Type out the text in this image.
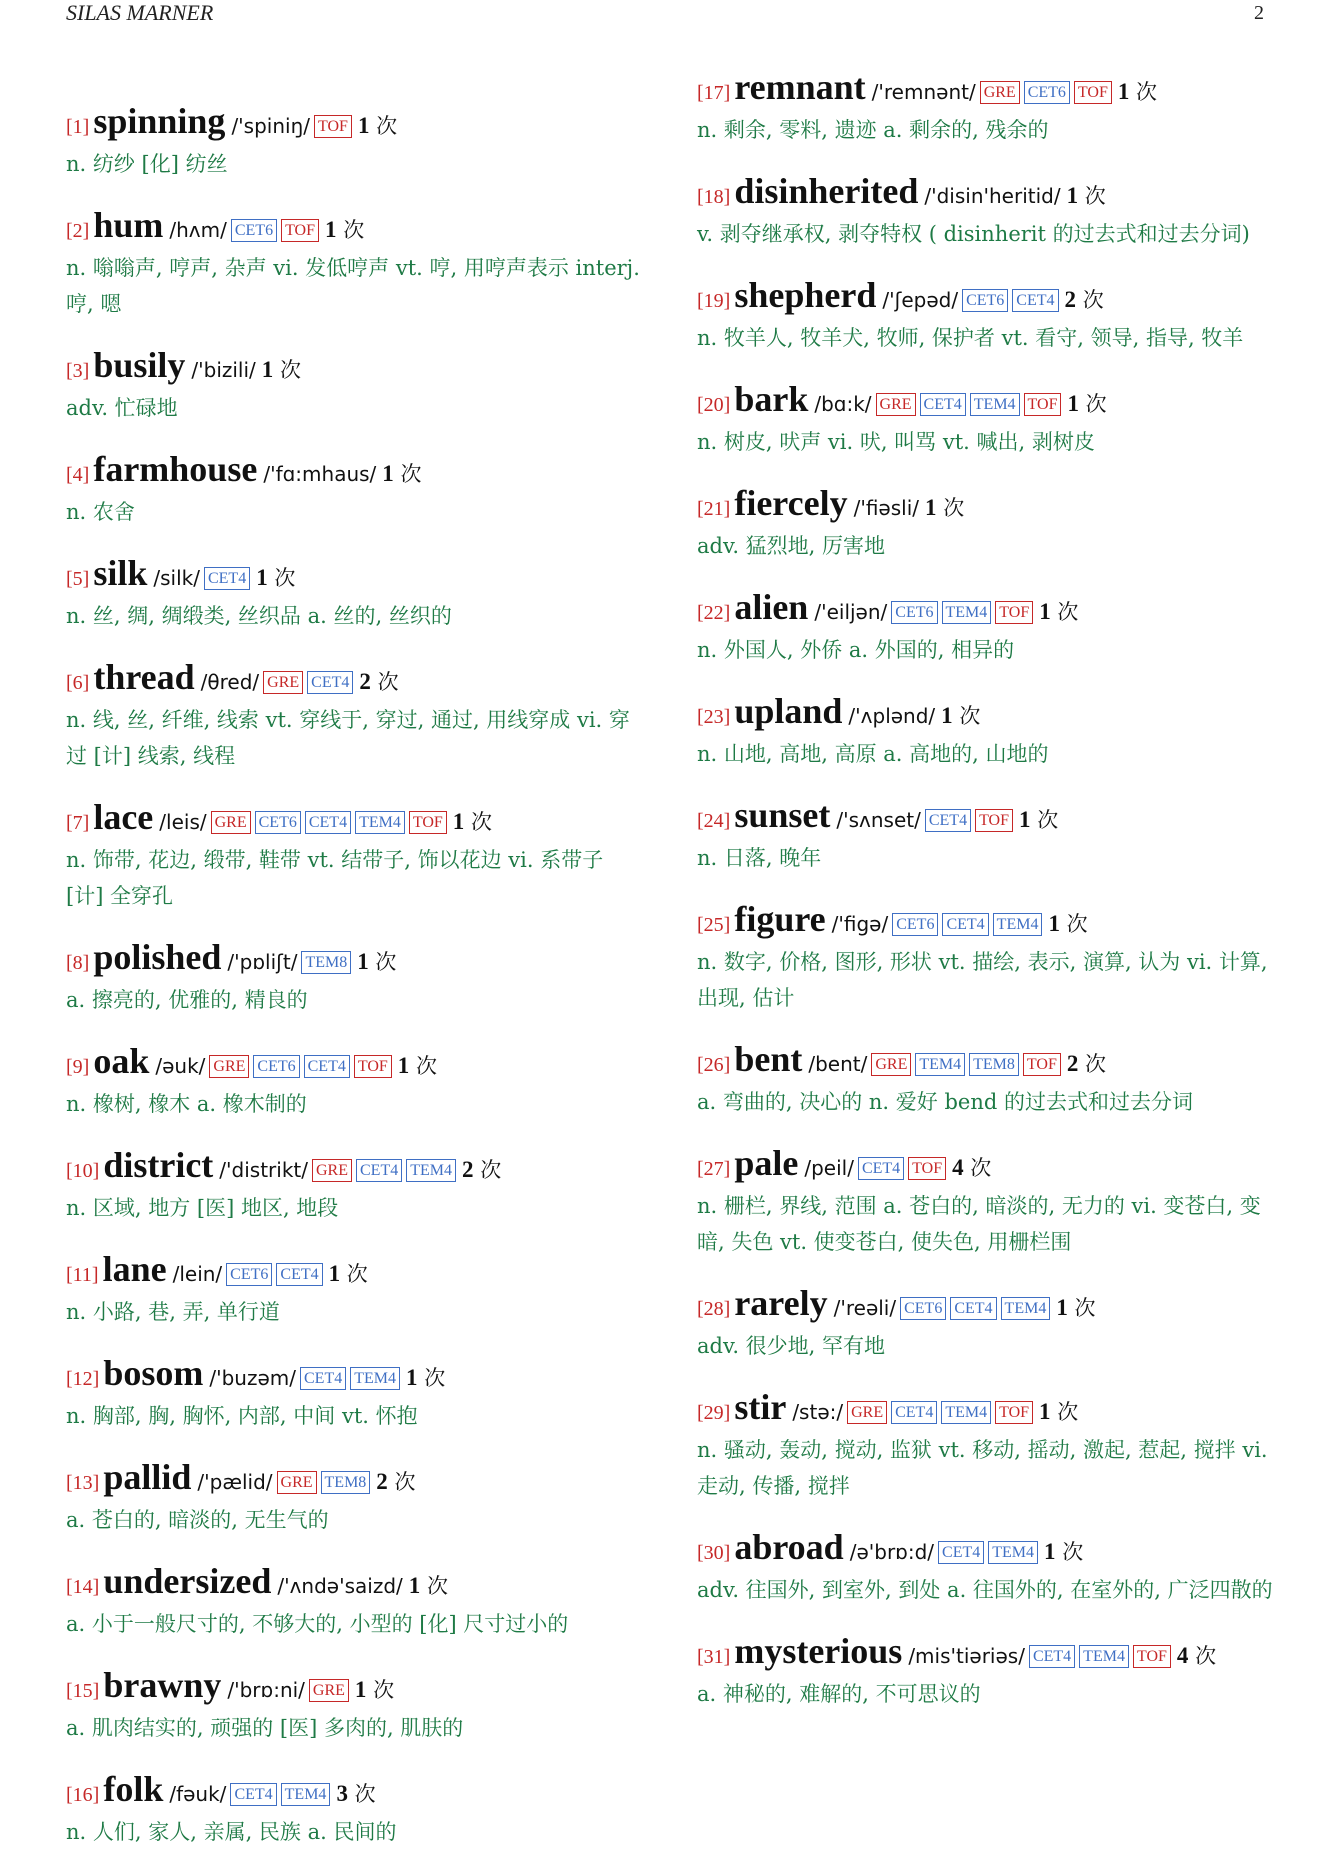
SILAS MARNER	2
[1] spinning /'spiniŋ/ TOF 1 次
n. 纺纱 [化] 纺丝
[2] hum /hʌm/ CET6 TOF 1 次
n. 嗡嗡声, 哼声, 杂声 vi. 发低哼声 vt. 哼, 用哼声表示 interj. 哼, 嗯
[3] busily /'bizili/ 1 次
adv. 忙碌地
[4] farmhouse /'fɑ:mhaus/ 1 次
n. 农舍
[5] silk /silk/ CET4 1 次
n. 丝, 绸, 绸缎类, 丝织品 a. 丝的, 丝织的
[6] thread /θred/ GRE CET4 2 次
n. 线, 丝, 纤维, 线索 vt. 穿线于, 穿过, 通过, 用线穿成 vi. 穿过 [计] 线索, 线程
[7] lace /leis/ GRE CET6 CET4 TEM4 TOF 1 次
n. 饰带, 花边, 缎带, 鞋带 vt. 结带子, 饰以花边 vi. 系带子 [计] 全穿孔
[8] polished /'pɒliʃt/ TEM8 1 次
a. 擦亮的, 优雅的, 精良的
[9] oak /əuk/ GRE CET6 CET4 TOF 1 次
n. 橡树, 橡木 a. 橡木制的
[10] district /'distrikt/ GRE CET4 TEM4 2 次
n. 区域, 地方 [医] 地区, 地段
[11] lane /lein/ CET6 CET4 1 次
n. 小路, 巷, 弄, 单行道
[12] bosom /'buzəm/ CET4 TEM4 1 次
n. 胸部, 胸, 胸怀, 内部, 中间 vt. 怀抱
[13] pallid /'pælid/ GRE TEM8 2 次
a. 苍白的, 暗淡的, 无生气的
[14] undersized /'ʌndə'saizd/ 1 次
a. 小于一般尺寸的, 不够大的, 小型的 [化] 尺寸过小的
[15] brawny /'brɒ:ni/ GRE 1 次
a. 肌肉结实的, 顽强的 [医] 多肉的, 肌肤的
[16] folk /fəuk/ CET4 TEM4 3 次
n. 人们, 家人, 亲属, 民族 a. 民间的
[17] remnant /'remnənt/ GRE CET6 TOF 1 次
n. 剩余, 零料, 遗迹 a. 剩余的, 残余的
[18] disinherited /'disin'heritid/ 1 次
v. 剥夺继承权, 剥夺特权 ( disinherit 的过去式和过去分词)
[19] shepherd /'ʃepəd/ CET6 CET4 2 次
n. 牧羊人, 牧羊犬, 牧师, 保护者 vt. 看守, 领导, 指导, 牧羊
[20] bark /bɑ:k/ GRE CET4 TEM4 TOF 1 次
n. 树皮, 吠声 vi. 吠, 叫骂 vt. 喊出, 剥树皮
[21] fiercely /'fiəsli/ 1 次
adv. 猛烈地, 厉害地
[22] alien /'eiljən/ CET6 TEM4 TOF 1 次
n. 外国人, 外侨 a. 外国的, 相异的
[23] upland /'ʌplənd/ 1 次
n. 山地, 高地, 高原 a. 高地的, 山地的
[24] sunset /'sʌnset/ CET4 TOF 1 次
n. 日落, 晚年
[25] figure /'figə/ CET6 CET4 TEM4 1 次
n. 数字, 价格, 图形, 形状 vt. 描绘, 表示, 演算, 认为 vi. 计算, 出现, 估计
[26] bent /bent/ GRE TEM4 TEM8 TOF 2 次
a. 弯曲的, 决心的 n. 爱好 bend 的过去式和过去分词
[27] pale /peil/ CET4 TOF 4 次
n. 栅栏, 界线, 范围 a. 苍白的, 暗淡的, 无力的 vi. 变苍白, 变暗, 失色 vt. 使变苍白, 使失色, 用栅栏围
[28] rarely /'reəli/ CET6 CET4 TEM4 1 次
adv. 很少地, 罕有地
[29] stir /stə:/ GRE CET4 TEM4 TOF 1 次
n. 骚动, 轰动, 搅动, 监狱 vt. 移动, 摇动, 激起, 惹起, 搅拌 vi. 走动, 传播, 搅拌
[30] abroad /ə'brɒ:d/ CET4 TEM4 1 次
adv. 往国外, 到室外, 到处 a. 往国外的, 在室外的, 广泛四散的
[31] mysterious /mis'tiəriəs/ CET4 TEM4 TOF 4 次
a. 神秘的, 难解的, 不可思议的
